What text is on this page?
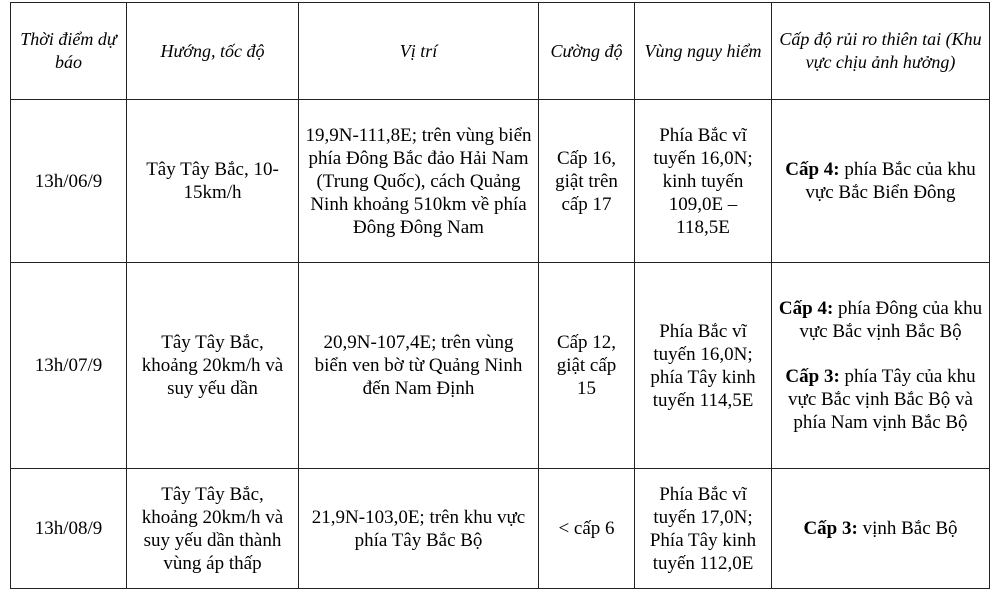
Thời điểm dự báo	Hướng, tốc độ	Vị trí	Cường độ	Vùng nguy hiểm	Cấp độ rủi ro thiên tai (Khu vực chịu ảnh hưởng)
13h/06/9	Tây Tây Bắc, 10-15km/h	19,9N-111,8E; trên vùng biển phía Đông Bắc đảo Hải Nam (Trung Quốc), cách Quảng Ninh khoảng 510km về phía Đông Đông Nam	Cấp 16, giật trên cấp 17	Phía Bắc vĩ tuyến 16,0N; kinh tuyến 109,0E – 118,5E	Cấp 4: phía Bắc của khu vực Bắc Biển Đông

13h/07/9	Tây Tây Bắc, khoảng 20km/h và suy yếu dần	20,9N-107,4E; trên vùng biển ven bờ từ Quảng Ninh đến Nam Định	Cấp 12, giật cấp 15	Phía Bắc vĩ tuyến 16,0N; phía Tây kinh tuyến 114,5E	Cấp 4: phía Đông của khu vực Bắc vịnh Bắc Bộ

Cấp 3: phía Tây của khu vực Bắc vịnh Bắc Bộ và phía Nam vịnh Bắc Bộ

13h/08/9	Tây Tây Bắc, khoảng 20km/h và suy yếu dần thành vùng áp thấp	21,9N-103,0E; trên khu vực phía Tây Bắc Bộ	< cấp 6	Phía Bắc vĩ tuyến 17,0N; Phía Tây kinh tuyến 112,0E	Cấp 3: vịnh Bắc Bộ
